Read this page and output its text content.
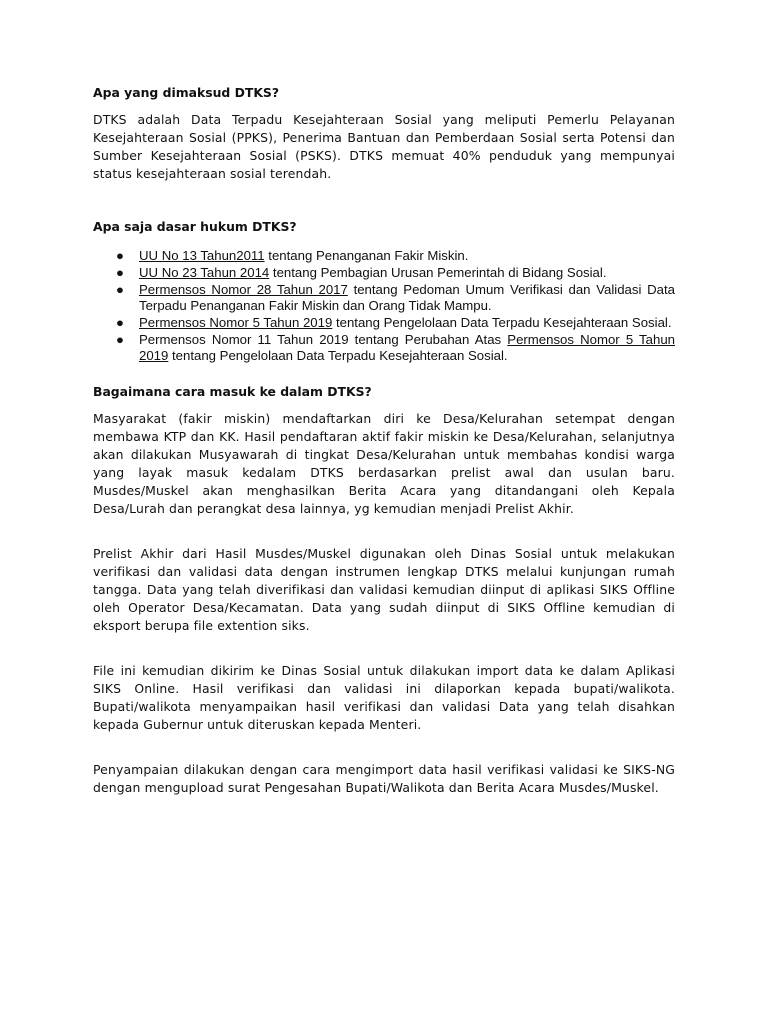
Apa yang dimaksud DTKS?

DTKS adalah Data Terpadu Kesejahteraan Sosial yang meliputi Pemerlu Pelayanan Kesejahteraan Sosial (PPKS), Penerima Bantuan dan Pemberdaan Sosial serta Potensi dan Sumber Kesejahteraan Sosial (PSKS). DTKS memuat 40% penduduk yang mempunyai status kesejahteraan sosial terendah.

Apa saja dasar hukum DTKS?
● UU No 13 Tahun2011 tentang Penanganan Fakir Miskin.
● UU No 23 Tahun 2014 tentang Pembagian Urusan Pemerintah di Bidang Sosial.
● Permensos Nomor 28 Tahun 2017 tentang Pedoman Umum Verifikasi dan Validasi Data Terpadu Penanganan Fakir Miskin dan Orang Tidak Mampu.
● Permensos Nomor 5 Tahun 2019 tentang Pengelolaan Data Terpadu Kesejahteraan Sosial.
● Permensos Nomor 11 Tahun 2019 tentang Perubahan Atas Permensos Nomor 5 Tahun 2019 tentang Pengelolaan Data Terpadu Kesejahteraan Sosial.
Bagaimana cara masuk ke dalam DTKS?

Masyarakat (fakir miskin) mendaftarkan diri ke Desa/Kelurahan setempat dengan membawa KTP dan KK. Hasil pendaftaran aktif fakir miskin ke Desa/Kelurahan, selanjutnya akan dilakukan Musyawarah di tingkat Desa/Kelurahan untuk membahas kondisi warga yang layak masuk kedalam DTKS berdasarkan prelist awal dan usulan baru. Musdes/Muskel akan menghasilkan Berita Acara yang ditandangani oleh Kepala Desa/Lurah dan perangkat desa lainnya, yg kemudian menjadi Prelist Akhir.

Prelist Akhir dari Hasil Musdes/Muskel digunakan oleh Dinas Sosial untuk melakukan verifikasi dan validasi data dengan instrumen lengkap DTKS melalui kunjungan rumah tangga. Data yang telah diverifikasi dan validasi kemudian diinput di aplikasi SIKS Offline oleh Operator Desa/Kecamatan. Data yang sudah diinput di SIKS Offline kemudian di eksport berupa file extention siks.

File ini kemudian dikirim ke Dinas Sosial untuk dilakukan import data ke dalam Aplikasi SIKS Online. Hasil verifikasi dan validasi ini dilaporkan kepada bupati/walikota. Bupati/walikota menyampaikan hasil verifikasi dan validasi Data yang telah disahkan kepada Gubernur untuk diteruskan kepada Menteri.

Penyampaian dilakukan dengan cara mengimport data hasil verifikasi validasi ke SIKS-NG dengan mengupload surat Pengesahan Bupati/Walikota dan Berita Acara Musdes/Muskel.
